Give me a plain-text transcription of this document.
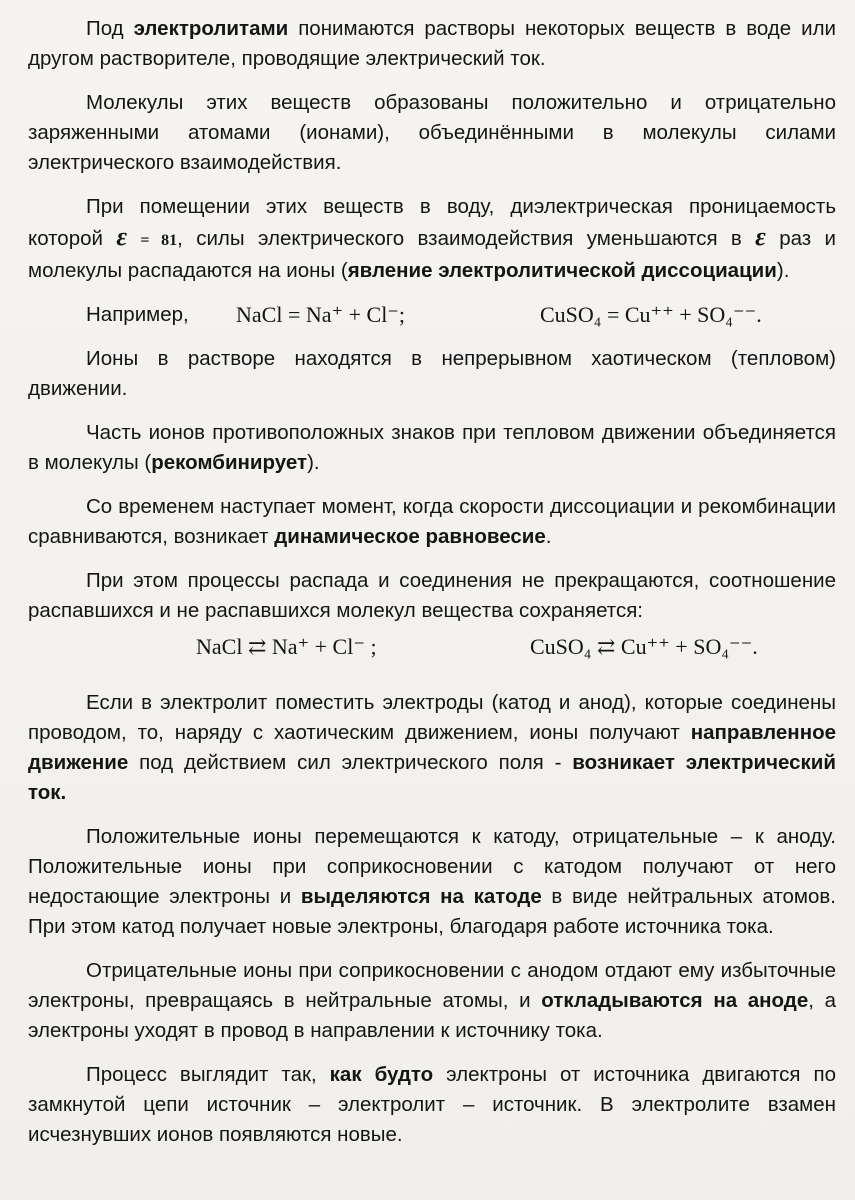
Под электролитами понимаются растворы некоторых веществ в воде или другом растворителе, проводящие электрический ток.

Молекулы этих веществ образованы положительно и отрицательно заряженными атомами (ионами), объединёнными в молекулы силами электрического взаимодействия.

При помещении этих веществ в воду, диэлектрическая проницаемость которой ε = 81, силы электрического взаимодействия уменьшаются в ε раз и молекулы распадаются на ионы (явление электролитической диссоциации).

Например, NaCl = Na⁺ + Cl⁻;	CuSO₄ = Cu⁺⁺ + SO₄⁻⁻.

Ионы в растворе находятся в непрерывном хаотическом (тепловом) движении.

Часть ионов противоположных знаков при тепловом движении объединяется в молекулы (рекомбинирует).

Со временем наступает момент, когда скорости диссоциации и рекомбинации сравниваются, возникает динамическое равновесие.

При этом процессы распада и соединения не прекращаются, соотношение распавшихся и не распавшихся молекул вещества сохраняется:

NaCl ⇄ Na⁺ + Cl⁻ ;	CuSO₄ ⇄ Cu⁺⁺ + SO₄⁻⁻.

Если в электролит поместить электроды (катод и анод), которые соединены проводом, то, наряду с хаотическим движением, ионы получают направленное движение под действием сил электрического поля - возникает электрический ток.

Положительные ионы перемещаются к катоду, отрицательные – к аноду. Положительные ионы при соприкосновении с катодом получают от него недостающие электроны и выделяются на катоде в виде нейтральных атомов. При этом катод получает новые электроны, благодаря работе источника тока.

Отрицательные ионы при соприкосновении с анодом отдают ему избыточные электроны, превращаясь в нейтральные атомы, и откладываются на аноде, а электроны уходят в провод в направлении к источнику тока.

Процесс выглядит так, как будто электроны от источника двигаются по замкнутой цепи источник – электролит – источник. В электролите взамен исчезнувших ионов появляются новые.
